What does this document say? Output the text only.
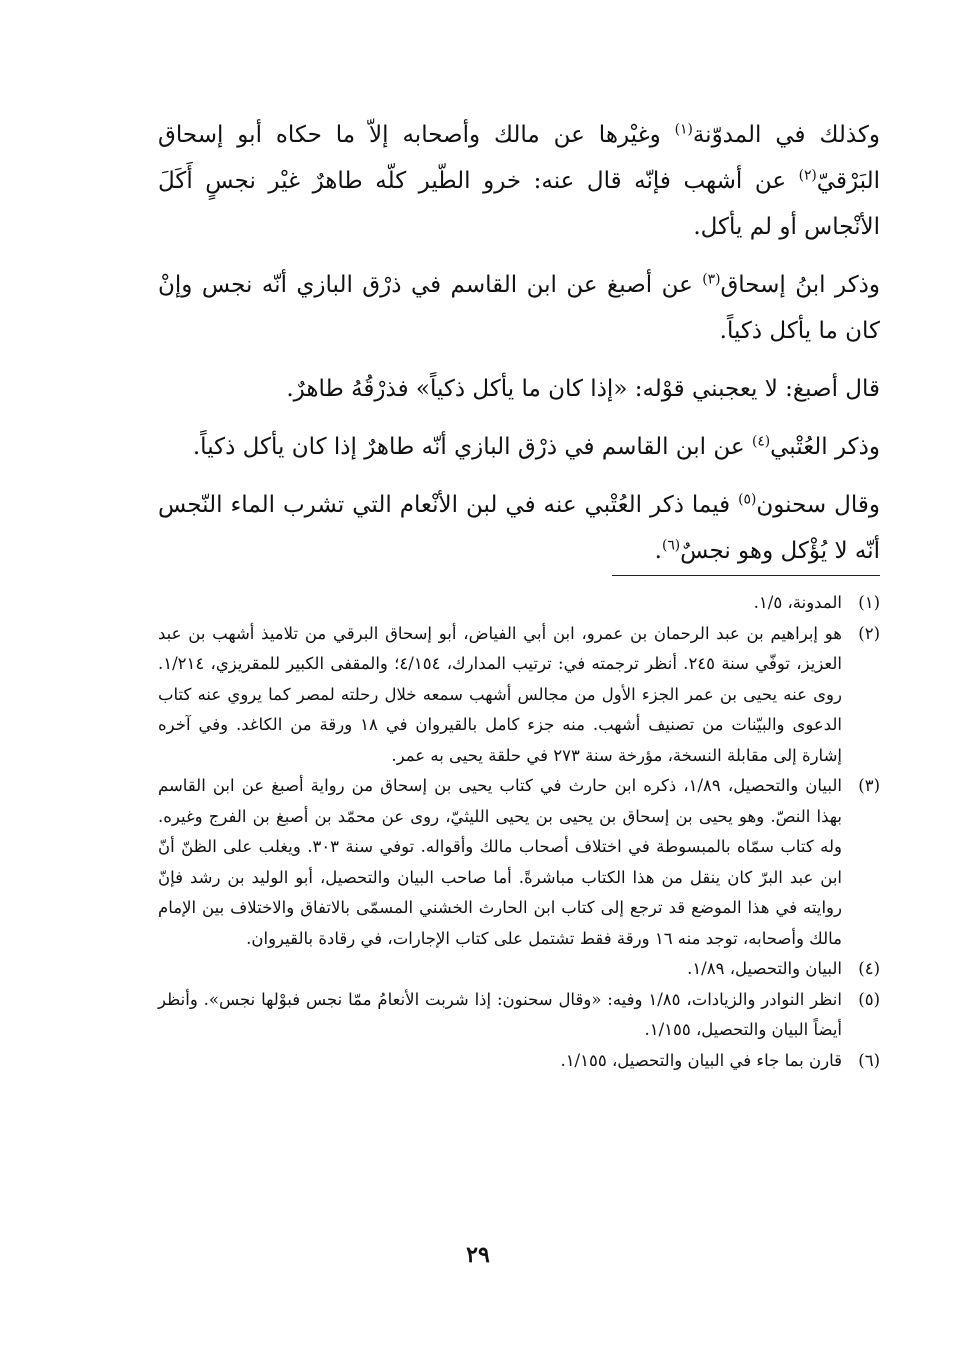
وكذلك في المدوّنة$^{(١)}$ وغيْرها عن مالك وأصحابه إلاّ ما حكاه أبو إسحاق البَرْقيّ$^{(٢)}$ عن أشهب فإنّه قال عنه: خرو الطّير كلّه طاهرٌ غيْر نجسٍ أَكَلَ الأنْجاس أو لم يأكل.

وذكر ابنُ إسحاق$^{(٣)}$ عن أصبغ عن ابن القاسم في ذرْق البازي أنّه نجس وإنْ كان ما يأكل ذكياً.

قال أصبغ: لا يعجبني قوْله: «إذا كان ما يأكل ذكياً» فذرْقُهُ طاهرٌ.

وذكر العُتْبي$^{(٤)}$ عن ابن القاسم في ذرْق البازي أنّه طاهرٌ إذا كان يأكل ذكياً.

وقال سحنون$^{(٥)}$ فيما ذكر العُتْبي عنه في لبن الأنْعام التي تشرب الماء النّجس أنّه لا يُؤْكل وهو نجسٌ$^{(٦)}$.

(١)
المدونة، ١/٥.
(٢)
هو إبراهيم بن عبد الرحمان بن عمرو، ابن أبي الفياض، أبو إسحاق البرقي من تلاميذ أشهب بن عبد العزيز، توفّي سنة ٢٤٥. أنظر ترجمته في: ترتيب المدارك، ٤/١٥٤؛ والمقفى الكبير للمقريزي، ١/٢١٤. روى عنه يحيى بن عمر الجزء الأول من مجالس أشهب سمعه خلال رحلته لمصر كما يروي عنه كتاب الدعوى والبيّنات من تصنيف أشهب. منه جزء كامل بالقيروان في ١٨ ورقة من الكاغد. وفي آخره إشارة إلى مقابلة النسخة، مؤرخة سنة ٢٧٣ في حلقة يحيى به عمر.
(٣)
البيان والتحصيل، ١/٨٩، ذكره ابن حارث في كتاب يحيى بن إسحاق من رواية أصبغ عن ابن القاسم بهذا النصّ. وهو يحيى بن إسحاق بن يحيى بن يحيى الليثيّ، روى عن محمّد بن أصبغ بن الفرج وغيره. وله كتاب سمّاه بالمبسوطة في اختلاف أصحاب مالك وأقواله. توفي سنة ٣٠٣. ويغلب على الظنّ أنّ ابن عبد البرّ كان ينقل من هذا الكتاب مباشرةً. أما صاحب البيان والتحصيل، أبو الوليد بن رشد فإنّ روايته في هذا الموضع قد ترجع إلى كتاب ابن الحارث الخشني المسمّى بالاتفاق والاختلاف بين الإمام مالك وأصحابه، توجد منه ١٦ ورقة فقط تشتمل على كتاب الإجارات، في رقادة بالقيروان.
(٤)
البيان والتحصيل، ١/٨٩.
(٥)
انظر النوادر والزيادات، ١/٨٥ وفيه: «وقال سحنون: إذا شربت الأنعامُ ممّا نجس فبوْلها نجس». وأنظر أيضاً البيان والتحصيل، ١/١٥٥.
(٦)
قارن بما جاء في البيان والتحصيل، ١/١٥٥.
٢٩
